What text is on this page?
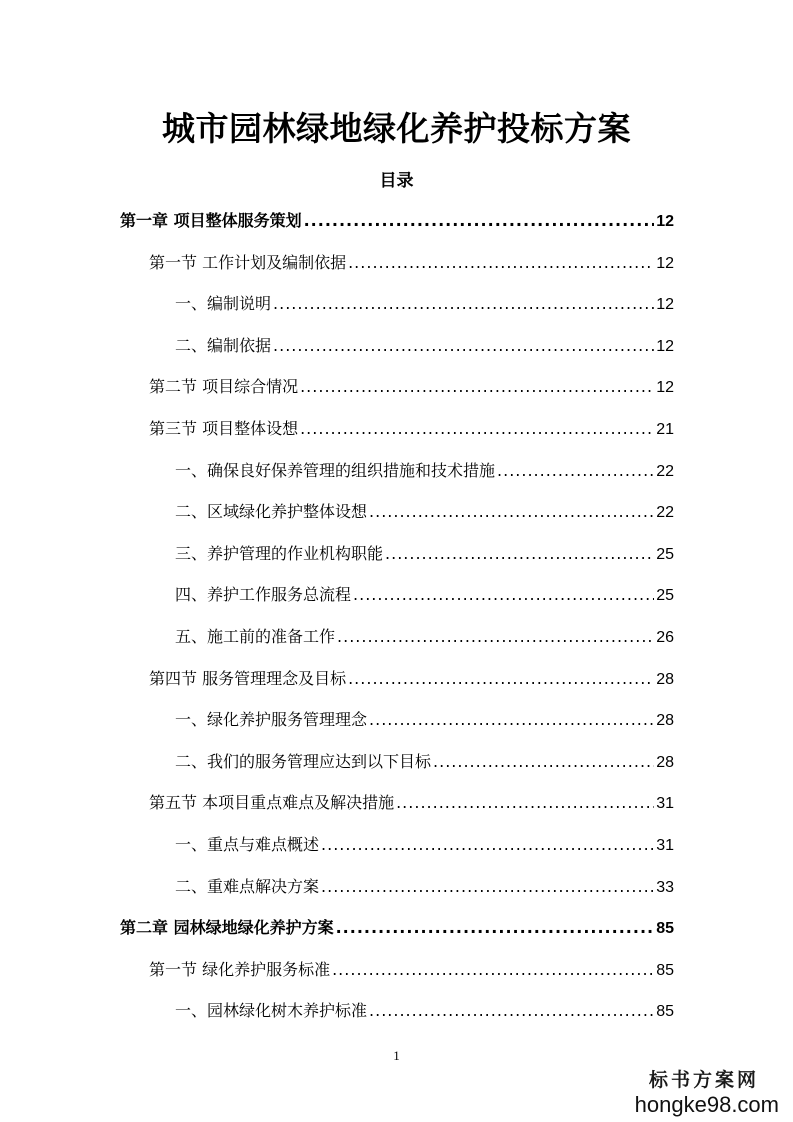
城市园林绿地绿化养护投标方案
目录
第一章 项目整体服务策划 .....	12
第一节 工作计划及编制依据 .....	12
一、编制说明 .....	12
二、编制依据 .....	12
第二节 项目综合情况 .....	12
第三节 项目整体设想 .....	21
一、确保良好保养管理的组织措施和技术措施 .....	22
二、区域绿化养护整体设想 .....	22
三、养护管理的作业机构职能 .....	25
四、养护工作服务总流程 .....	25
五、施工前的准备工作 .....	26
第四节 服务管理理念及目标 .....	28
一、绿化养护服务管理理念 .....	28
二、我们的服务管理应达到以下目标 .....	28
第五节 本项目重点难点及解决措施 .....	31
一、重点与难点概述 .....	31
二、重难点解决方案 .....	33
第二章 园林绿地绿化养护方案 .....	85
第一节 绿化养护服务标准 .....	85
一、园林绿化树木养护标准 .....	85
1
标书方案网
hongke98.com
